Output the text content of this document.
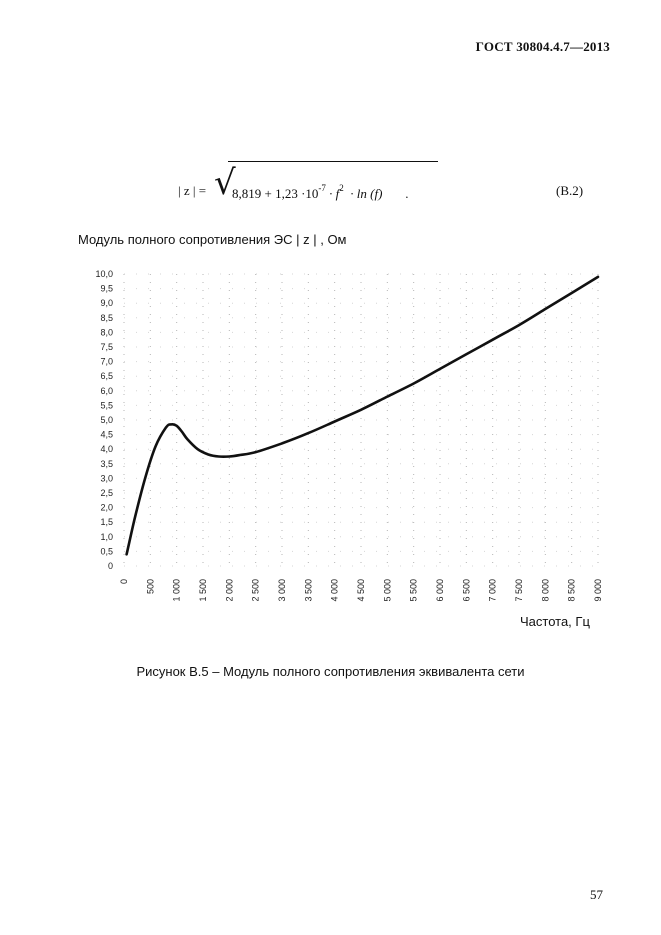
ГОСТ 30804.4.7—2013
| z | = √
$8,819 + 1,23 \cdot 10^{-7} \cdot f^2 \cdot \ln (f)$ .	(В.2)
Модуль полного сопротивления ЭС | z | , Ом
0
0,5
1,0
1,5
2,0
2,5
3,0
3,5
4,0
4,5
5,0
5,5
6,0
6,5
7,0
7,5
8,0
8,5
9,0
9,5
10,0
0 500 1 000 1 500 2 000 2 500 3 000 3 500 4 000 4 500 5 000 5 500 6 000 6 500 7 000 7 500 8 000 8 500 9 000
Частота, Гц
Рисунок В.5 – Модуль полного сопротивления эквивалента сети
57
